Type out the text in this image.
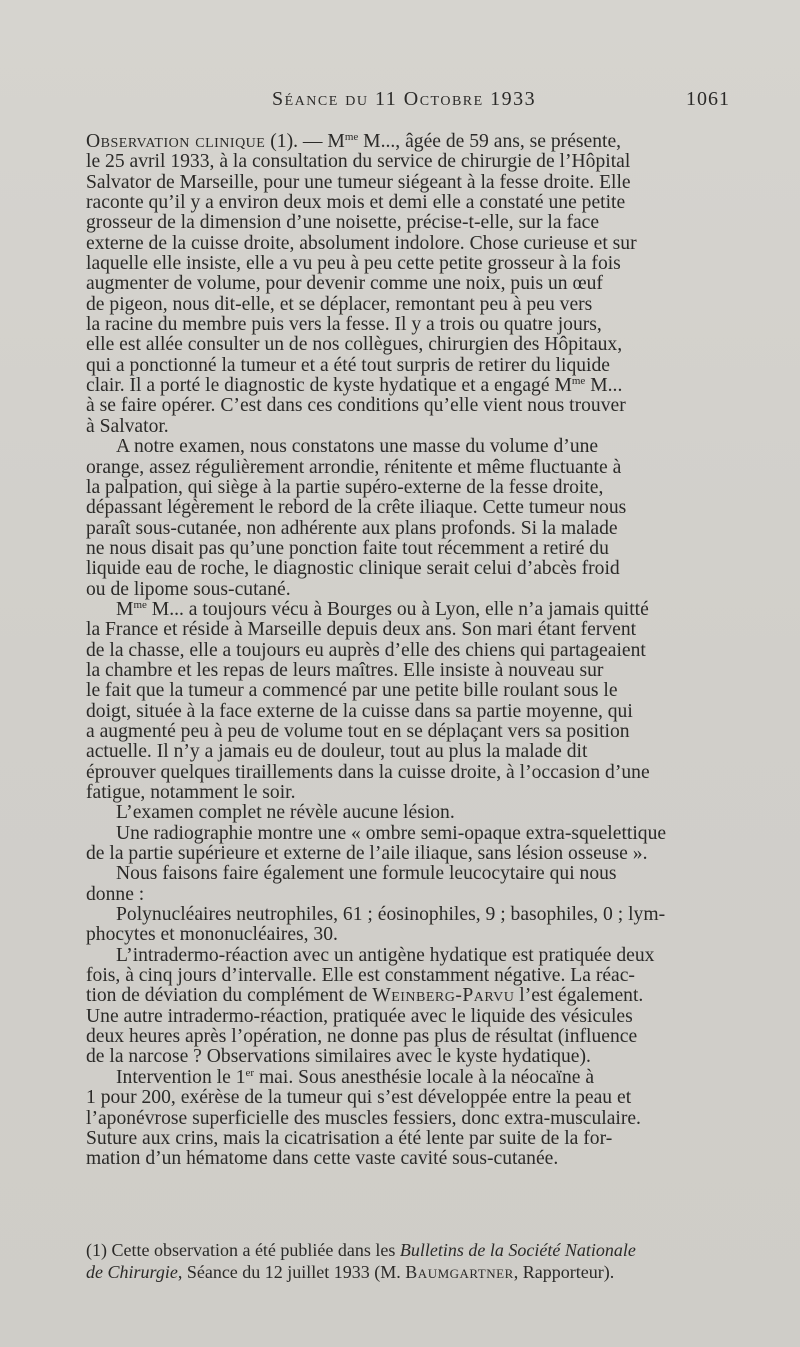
Séance du 11 Octobre 1933	1061
Observation clinique (1). — $M^{me}$ M..., âgée de 59 ans, se présente,
le 25 avril 1933, à la consultation du service de chirurgie de l’Hôpital
Salvator de Marseille, pour une tumeur siégeant à la fesse droite. Elle
raconte qu’il y a environ deux mois et demi elle a constaté une petite
grosseur de la dimension d’une noisette, précise-t-elle, sur la face
externe de la cuisse droite, absolument indolore. Chose curieuse et sur
laquelle elle insiste, elle a vu peu à peu cette petite grosseur à la fois
augmenter de volume, pour devenir comme une noix, puis un œuf
de pigeon, nous dit-elle, et se déplacer, remontant peu à peu vers
la racine du membre puis vers la fesse. Il y a trois ou quatre jours,
elle est allée consulter un de nos collègues, chirurgien des Hôpitaux,
qui a ponctionné la tumeur et a été tout surpris de retirer du liquide
clair. Il a porté le diagnostic de kyste hydatique et a engagé $M^{me}$ M...
à se faire opérer. C’est dans ces conditions qu’elle vient nous trouver
à Salvator.
A notre examen, nous constatons une masse du volume d’une
orange, assez régulièrement arrondie, rénitente et même fluctuante à
la palpation, qui siège à la partie supéro-externe de la fesse droite,
dépassant légèrement le rebord de la crête iliaque. Cette tumeur nous
paraît sous-cutanée, non adhérente aux plans profonds. Si la malade
ne nous disait pas qu’une ponction faite tout récemment a retiré du
liquide eau de roche, le diagnostic clinique serait celui d’abcès froid
ou de lipome sous-cutané.
$M^{me}$ M... a toujours vécu à Bourges ou à Lyon, elle n’a jamais quitté
la France et réside à Marseille depuis deux ans. Son mari étant fervent
de la chasse, elle a toujours eu auprès d’elle des chiens qui partageaient
la chambre et les repas de leurs maîtres. Elle insiste à nouveau sur
le fait que la tumeur a commencé par une petite bille roulant sous le
doigt, située à la face externe de la cuisse dans sa partie moyenne, qui
a augmenté peu à peu de volume tout en se déplaçant vers sa position
actuelle. Il n’y a jamais eu de douleur, tout au plus la malade dit
éprouver quelques tiraillements dans la cuisse droite, à l’occasion d’une
fatigue, notamment le soir.
L’examen complet ne révèle aucune lésion.
Une radiographie montre une « ombre semi-opaque extra-squelettique
de la partie supérieure et externe de l’aile iliaque, sans lésion osseuse ».
Nous faisons faire également une formule leucocytaire qui nous
donne :
Polynucléaires neutrophiles, 61 ; éosinophiles, 9 ; basophiles, 0 ; lym-
phocytes et mononucléaires, 30.
L’intradermo-réaction avec un antigène hydatique est pratiquée deux
fois, à cinq jours d’intervalle. Elle est constamment négative. La réac-
tion de déviation du complément de Weinberg-Parvu l’est également.
Une autre intradermo-réaction, pratiquée avec le liquide des vésicules
deux heures après l’opération, ne donne pas plus de résultat (influence
de la narcose ? Observations similaires avec le kyste hydatique).
Intervention le 1er mai. Sous anesthésie locale à la néocaïne à
1 pour 200, exérèse de la tumeur qui s’est développée entre la peau et
l’aponévrose superficielle des muscles fessiers, donc extra-musculaire.
Suture aux crins, mais la cicatrisation a été lente par suite de la for-
mation d’un hématome dans cette vaste cavité sous-cutanée.
(1) Cette observation a été publiée dans les Bulletins de la Société Nationale
de Chirurgie, Séance du 12 juillet 1933 (M. Baumgartner, Rapporteur).
